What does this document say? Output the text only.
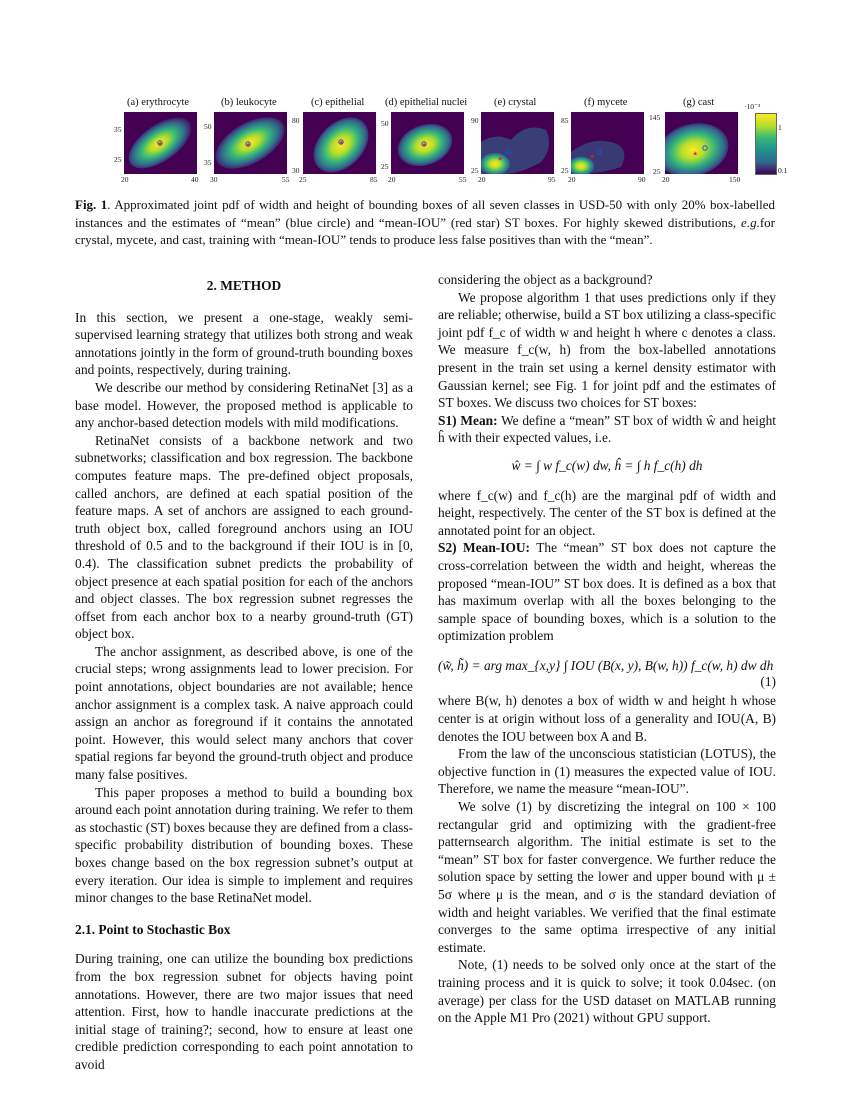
(a) erythrocyte	(b) leukocyte	(c) epithelial (d) epithelial nuclei	(e) crystal	(f) mycete	(g) cast
★	★	★	★
★	★	★
·10⁻³
1
0.1
35
25
20	40
50
35
30	55
80
30
25	85
50
25
20	55
90
25
20	95
85
25
20	90
145
25
20	150
Fig. 1. Approximated joint pdf of width and height of bounding boxes of all seven classes in USD-50 with only 20% box-labelled instances and the estimates of “mean” (blue circle) and “mean-IOU” (red star) ST boxes. For highly skewed distributions, e.g.for crystal, mycete, and cast, training with “mean-IOU” tends to produce less false positives than with the “mean”.

2. METHOD

In this section, we present a one-stage, weakly semi-supervised learning strategy that utilizes both strong and weak annotations jointly in the form of ground-truth bounding boxes and points, respectively, during training.

We describe our method by considering RetinaNet [3] as a base model. However, the proposed method is applicable to any anchor-based detection models with mild modifications.

RetinaNet consists of a backbone network and two subnetworks; classification and box regression. The backbone computes feature maps. The pre-defined object proposals, called anchors, are defined at each spatial position of the feature maps. A set of anchors are assigned to each ground-truth object box, called foreground anchors using an IOU threshold of 0.5 and to the background if their IOU is in [0, 0.4). The classification subnet predicts the probability of object presence at each spatial position for each of the anchors and object classes. The box regression subnet regresses the offset from each anchor box to a nearby ground-truth (GT) object box.

The anchor assignment, as described above, is one of the crucial steps; wrong assignments lead to lower precision. For point annotations, object boundaries are not available; hence anchor assignment is a complex task. A naive approach could assign an anchor as foreground if it contains the annotated point. However, this would select many anchors that cover spatial regions far beyond the ground-truth object and produce many false positives.

This paper proposes a method to build a bounding box around each point annotation during training. We refer to them as stochastic (ST) boxes because they are defined from a class-specific probability distribution of bounding boxes. These boxes change based on the box regression subnet’s output at every iteration. Our idea is simple to implement and requires minor changes to the base RetinaNet model.

2.1. Point to Stochastic Box

During training, one can utilize the bounding box predictions from the box regression subnet for objects having point annotations. However, there are two major issues that need attention. First, how to handle inaccurate predictions at the initial stage of training?; second, how to ensure at least one credible prediction corresponding to each point annotation to avoid

considering the object as a background?

We propose algorithm 1 that uses predictions only if they are reliable; otherwise, build a ST box utilizing a class-specific joint pdf f_c of width w and height h where c denotes a class. We measure f_c(w, h) from the box-labelled annotations present in the train set using a kernel density estimator with Gaussian kernel; see Fig. 1 for joint pdf and the estimates of ST boxes. We discuss two choices for ST boxes:

S1) Mean: We define a “mean” ST box of width ŵ and height ĥ with their expected values, i.e.

ŵ = ∫ w f_c(w) dw, ĥ = ∫ h f_c(h) dh

where f_c(w) and f_c(h) are the marginal pdf of width and height, respectively. The center of the ST box is defined at the annotated point for an object.

S2) Mean-IOU: The “mean” ST box does not capture the cross-correlation between the width and height, whereas the proposed “mean-IOU” ST box does. It is defined as a box that has maximum overlap with all the boxes belonging to the sample space of bounding boxes, which is a solution to the optimization problem

(w̃, h̃) = arg max_{x,y} ∫ IOU (B(x, y), B(w, h)) f_c(w, h) dw dh
(1)

where B(w, h) denotes a box of width w and height h whose center is at origin without loss of a generality and IOU(A, B) denotes the IOU between box A and B.

From the law of the unconscious statistician (LOTUS), the objective function in (1) measures the expected value of IOU. Therefore, we name the measure “mean-IOU”.

We solve (1) by discretizing the integral on 100 × 100 rectangular grid and optimizing with the gradient-free patternsearch algorithm. The initial estimate is set to the “mean” ST box for faster convergence. We further reduce the solution space by setting the lower and upper bound with μ ± 5σ where μ is the mean, and σ is the standard deviation of width and height variables. We verified that the final estimate converges to the same optima irrespective of any initial estimate.

Note, (1) needs to be solved only once at the start of the training process and it is quick to solve; it took 0.04sec. (on average) per class for the USD dataset on MATLAB running on the Apple M1 Pro (2021) without GPU support.
